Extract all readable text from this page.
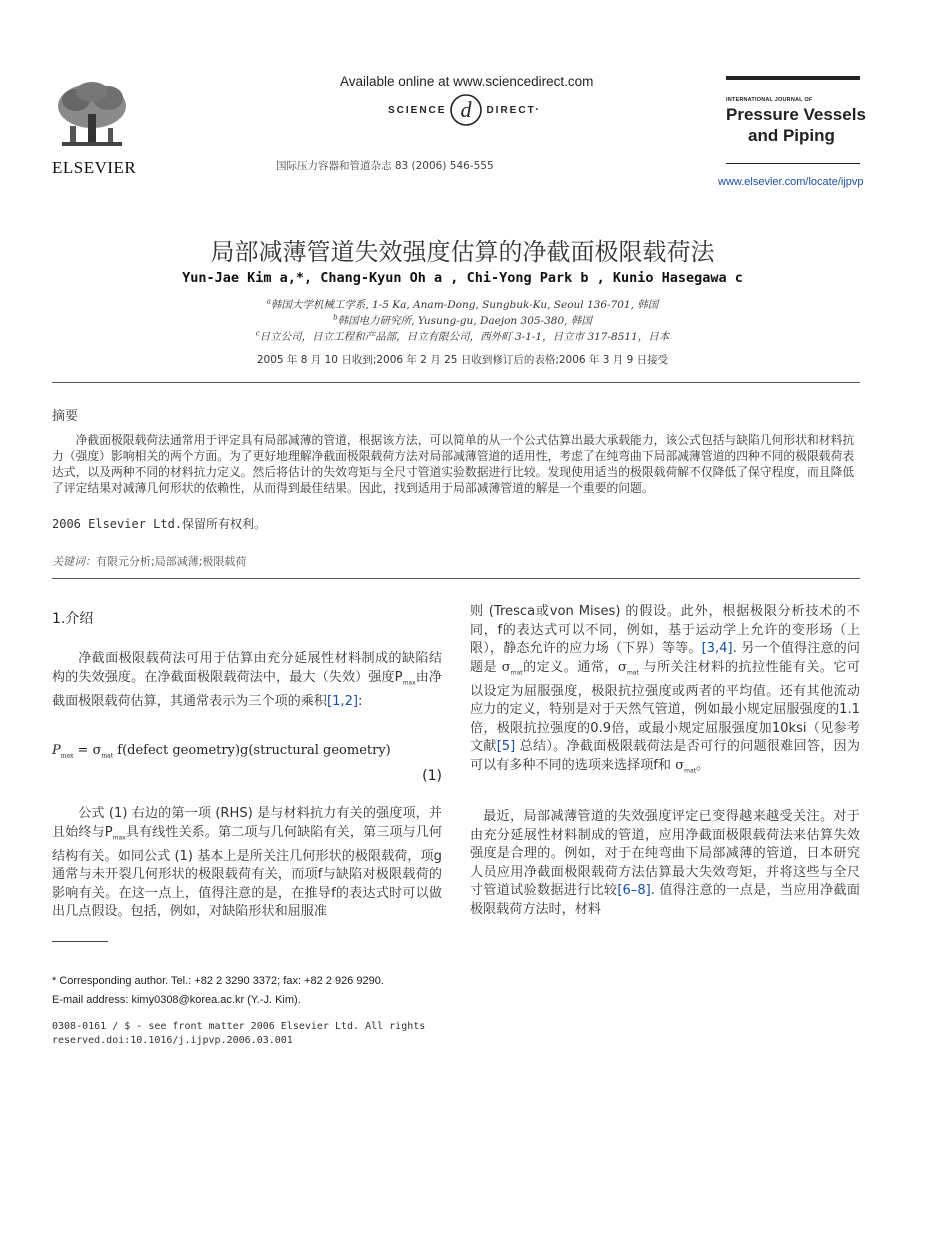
ELSEVIER
Available online at www.sciencedirect.com
SCIENCE d DIRECT •
国际压力容器和管道杂志 83 (2006) 546-555
INTERNATIONAL JOURNAL OF
Pressure Vessels
and Piping
www.elsevier.com/locate/ijpvp
局部减薄管道失效强度估算的净截面极限载荷法
Yun-Jae Kim a,*, Chang-Kyun Oh a , Chi-Yong Park b , Kunio Hasegawa c
$^a$韩国大学机械工学系, 1-5 Ka, Anam-Dong, Sungbuk-Ku, Seoul 136-701, 韩国
$^b$韩国电力研究所, Yusung-gu, Daejon 305-380, 韩国
$^c$日立公司，日立工程和产品部，日立有限公司，西外町 3-1-1，日立市 317-8511，日本
2005 年 8 月 10 日收到;2006 年 2 月 25 日收到修订后的表格;2006 年 3 月 9 日接受
摘要
净截面极限载荷法通常用于评定具有局部减薄的管道，根据该方法，可以简单的从一个公式估算出最大承载能力，该公式包括与缺陷几何形状和材料抗力（强度）影响相关的两个方面。为了更好地理解净截面极限载荷方法对局部减薄管道的适用性，考虑了在纯弯曲下局部减薄管道的四种不同的极限载荷表达式，以及两种不同的材料抗力定义。然后将估计的失效弯矩与全尺寸管道实验数据进行比较。发现使用适当的极限载荷解不仅降低了保守程度，而且降低了评定结果对减薄几何形状的依赖性，从而得到最佳结果。因此，找到适用于局部减薄管道的解是一个重要的问题。
2006 Elsevier Ltd.保留所有权利。
关键词：有限元分析;局部减薄;极限载荷
1.介绍
净截面极限载荷法可用于估算由充分延展性材料制成的缺陷结构的失效强度。在净截面极限载荷法中，最大（失效）强度$P_{max}$由净截面极限载荷估算，其通常表示为三个项的乘积[1,2]:
$P_{max} = \sigma_{mat}$ f(defect geometry)g(structural geometry)
(1)
公式 (1) 右边的第一项 (RHS) 是与材料抗力有关的强度项，并且始终与$P_{max}$具有线性关系。第二项与几何缺陷有关，第三项与几何结构有关。如同公式 (1) 基本上是所关注几何形状的极限载荷，项g通常与未开裂几何形状的极限载荷有关，而项f与缺陷对极限载荷的影响有关。在这一点上，值得注意的是，在推导f的表达式时可以做出几点假设。包括，例如，对缺陷形状和屈服准
* Corresponding author. Tel.: +82 2 3290 3372; fax: +82 2 926 9290.
E-mail address: kimy0308@korea.ac.kr (Y.-J. Kim).
0308-0161 / $ - see front matter 2006 Elsevier Ltd. All rights reserved.doi:10.1016/j.ijpvp.2006.03.001
则 (Tresca或von Mises) 的假设。此外，根据极限分析技术的不同，f的表达式可以不同，例如，基于运动学上允许的变形场（上限），静态允许的应力场（下界）等等。[3,4]. 另一个值得注意的问题是 $\sigma_{mat}$的定义。通常，$\sigma_{mat}$ 与所关注材料的抗拉性能有关。它可以设定为屈服强度，极限抗拉强度或两者的平均值。还有其他流动应力的定义，特别是对于天然气管道，例如最小规定屈服强度的1.1倍，极限抗拉强度的0.9倍，或最小规定屈服强度加10ksi（见参考文献[5] 总结）。净截面极限载荷法是否可行的问题很难回答，因为可以有多种不同的选项来选择项f和 $\sigma_{mat}$。
最近，局部减薄管道的失效强度评定已变得越来越受关注。对于由充分延展性材料制成的管道，应用净截面极限载荷法来估算失效强度是合理的。例如，对于在纯弯曲下局部减薄的管道，日本研究人员应用净截面极限载荷方法估算最大失效弯矩，并将这些与全尺寸管道试验数据进行比较[6–8]. 值得注意的一点是，当应用净截面极限载荷方法时，材料
